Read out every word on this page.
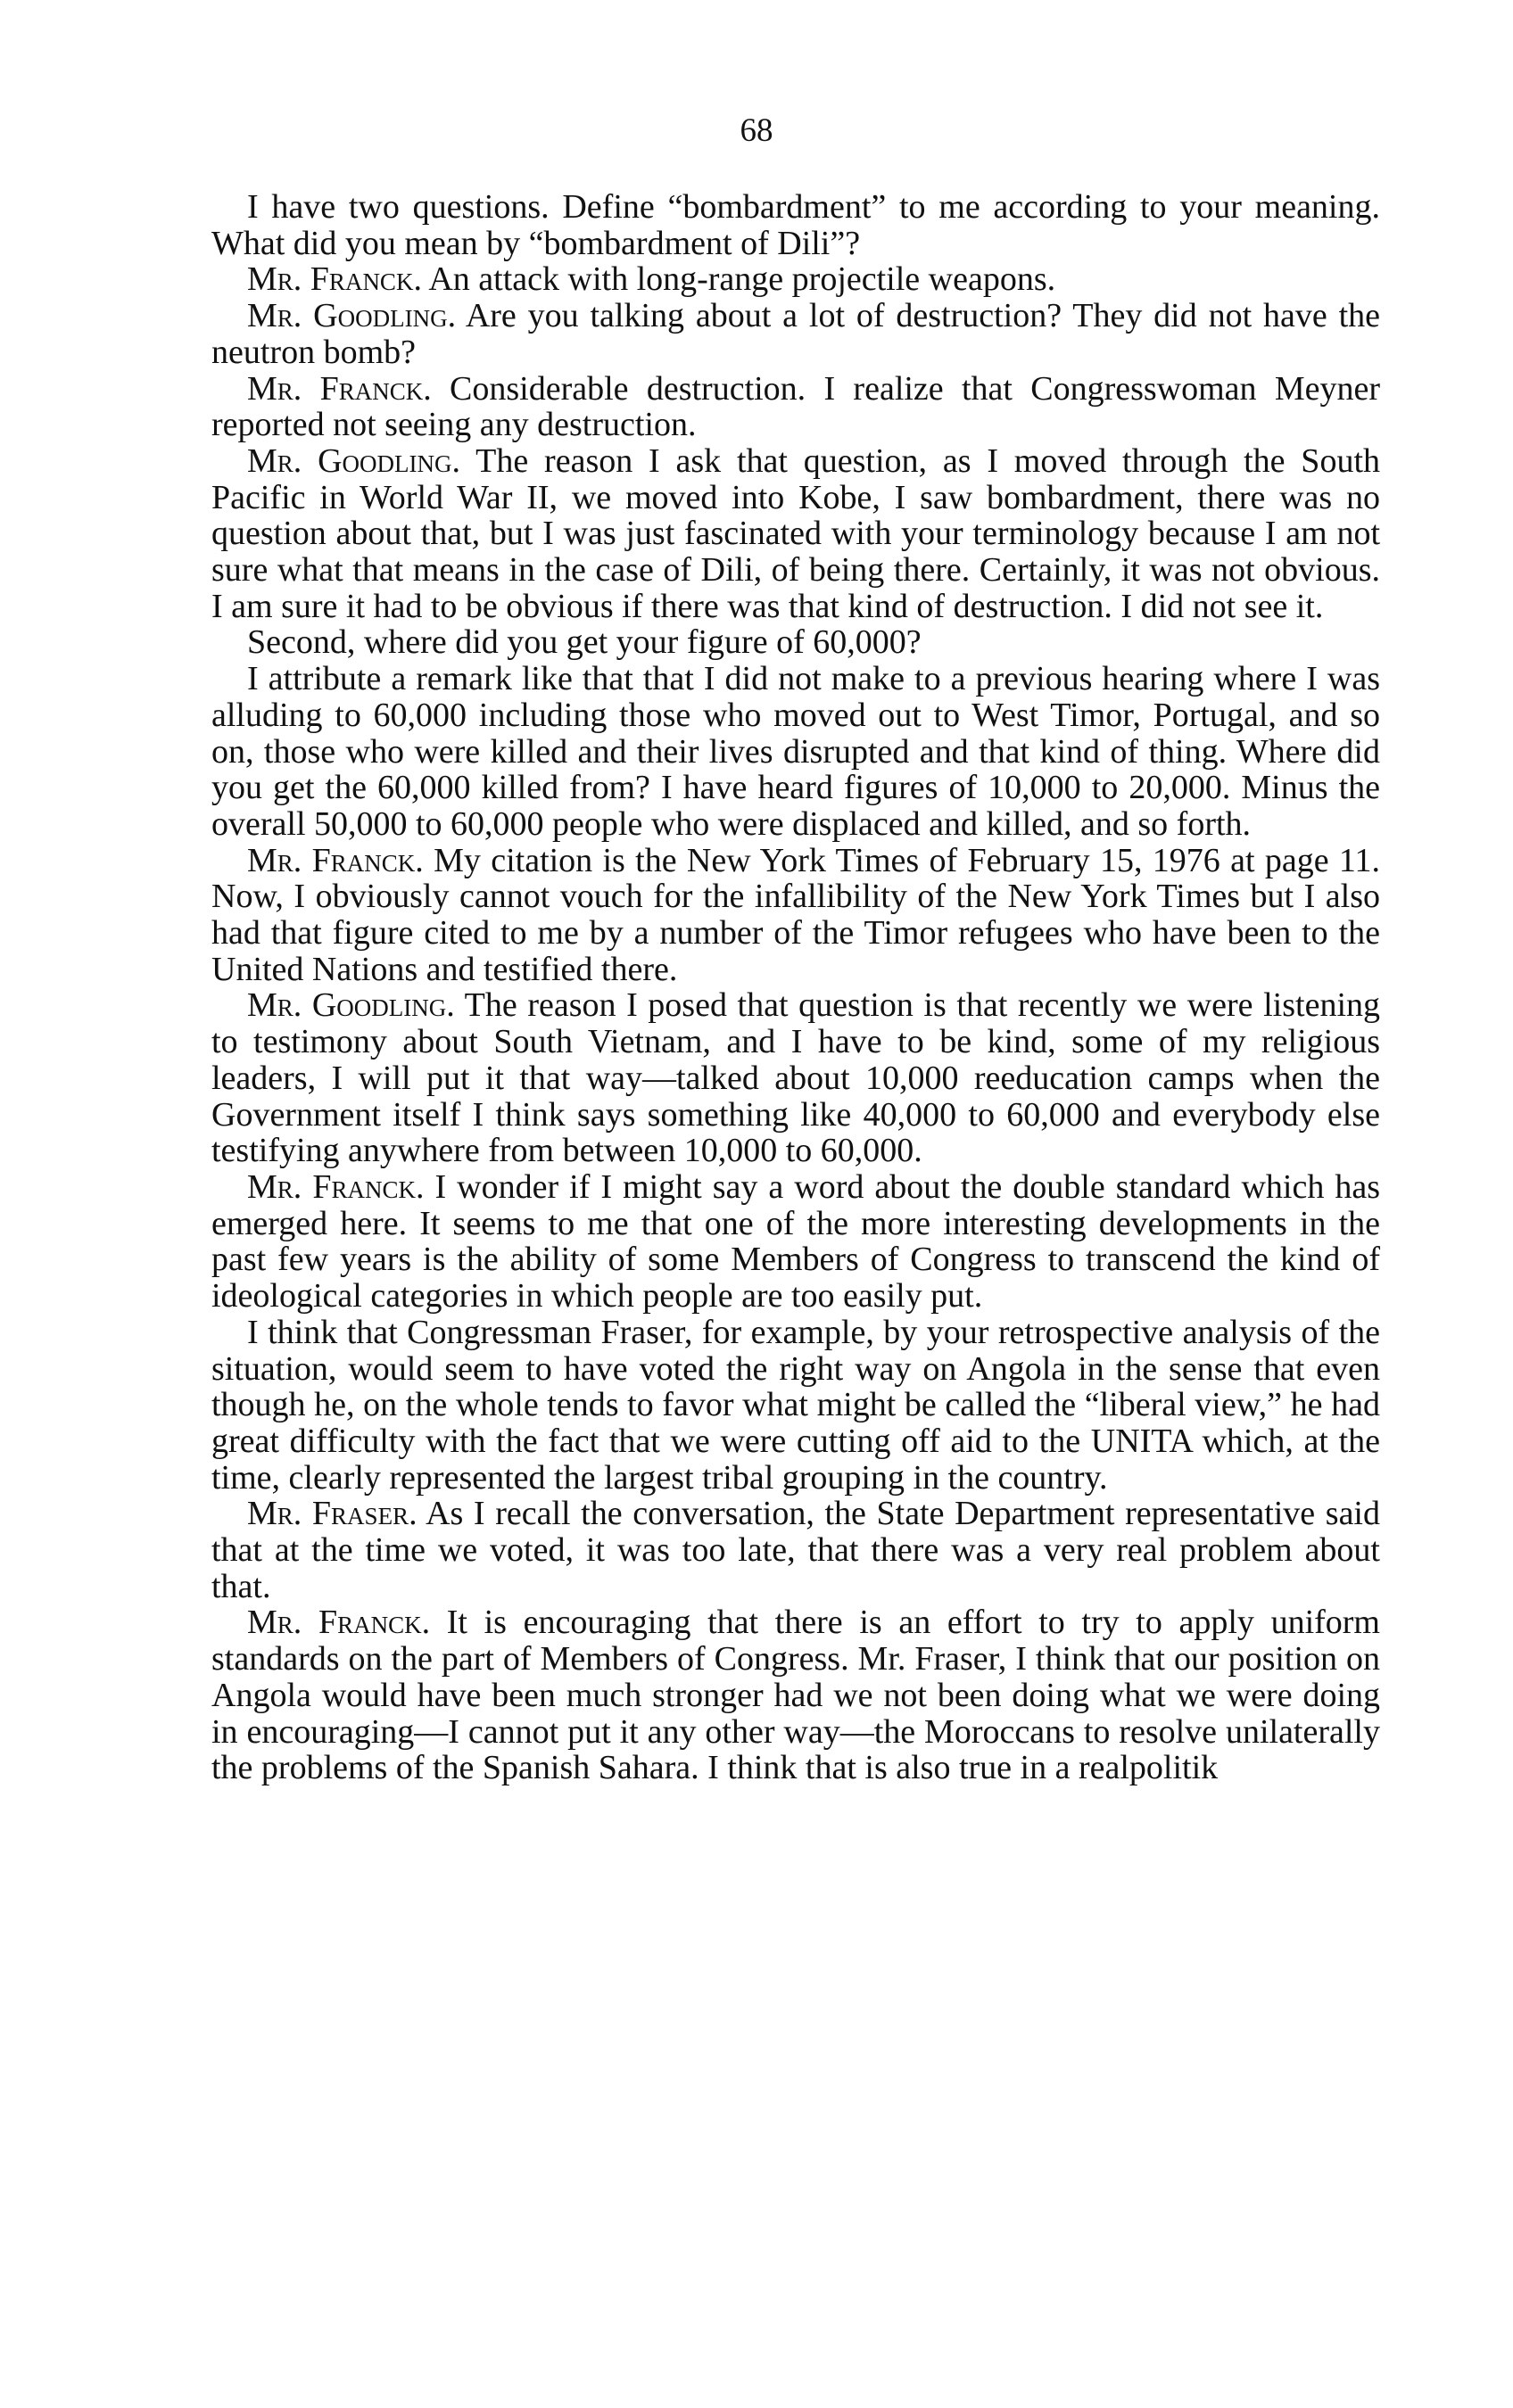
68

I have two questions. Define “bombardment” to me according to your meaning. What did you mean by “bombardment of Dili”?

Mr. Franck. An attack with long-range projectile weapons.

Mr. Goodling. Are you talking about a lot of destruction? They did not have the neutron bomb?

Mr. Franck. Considerable destruction. I realize that Congresswoman Meyner reported not seeing any destruction.

Mr. Goodling. The reason I ask that question, as I moved through the South Pacific in World War II, we moved into Kobe, I saw bombardment, there was no question about that, but I was just fascinated with your terminology because I am not sure what that means in the case of Dili, of being there. Certainly, it was not obvious. I am sure it had to be obvious if there was that kind of destruction. I did not see it.

Second, where did you get your figure of 60,000?

I attribute a remark like that that I did not make to a previous hearing where I was alluding to 60,000 including those who moved out to West Timor, Portugal, and so on, those who were killed and their lives disrupted and that kind of thing. Where did you get the 60,000 killed from? I have heard figures of 10,000 to 20,000. Minus the overall 50,000 to 60,000 people who were displaced and killed, and so forth.

Mr. Franck. My citation is the New York Times of February 15, 1976 at page 11. Now, I obviously cannot vouch for the infallibility of the New York Times but I also had that figure cited to me by a number of the Timor refugees who have been to the United Nations and testified there.

Mr. Goodling. The reason I posed that question is that recently we were listening to testimony about South Vietnam, and I have to be kind, some of my religious leaders, I will put it that way—talked about 10,000 reeducation camps when the Government itself I think says something like 40,000 to 60,000 and everybody else testifying anywhere from between 10,000 to 60,000.

Mr. Franck. I wonder if I might say a word about the double standard which has emerged here. It seems to me that one of the more interesting developments in the past few years is the ability of some Members of Congress to transcend the kind of ideological categories in which people are too easily put.

I think that Congressman Fraser, for example, by your retrospective analysis of the situation, would seem to have voted the right way on Angola in the sense that even though he, on the whole tends to favor what might be called the “liberal view,” he had great difficulty with the fact that we were cutting off aid to the UNITA which, at the time, clearly represented the largest tribal grouping in the country.

Mr. Fraser. As I recall the conversation, the State Department representative said that at the time we voted, it was too late, that there was a very real problem about that.

Mr. Franck. It is encouraging that there is an effort to try to apply uniform standards on the part of Members of Congress. Mr. Fraser, I think that our position on Angola would have been much stronger had we not been doing what we were doing in encouraging—I cannot put it any other way—the Moroccans to resolve unilaterally the problems of the Spanish Sahara. I think that is also true in a realpolitik
